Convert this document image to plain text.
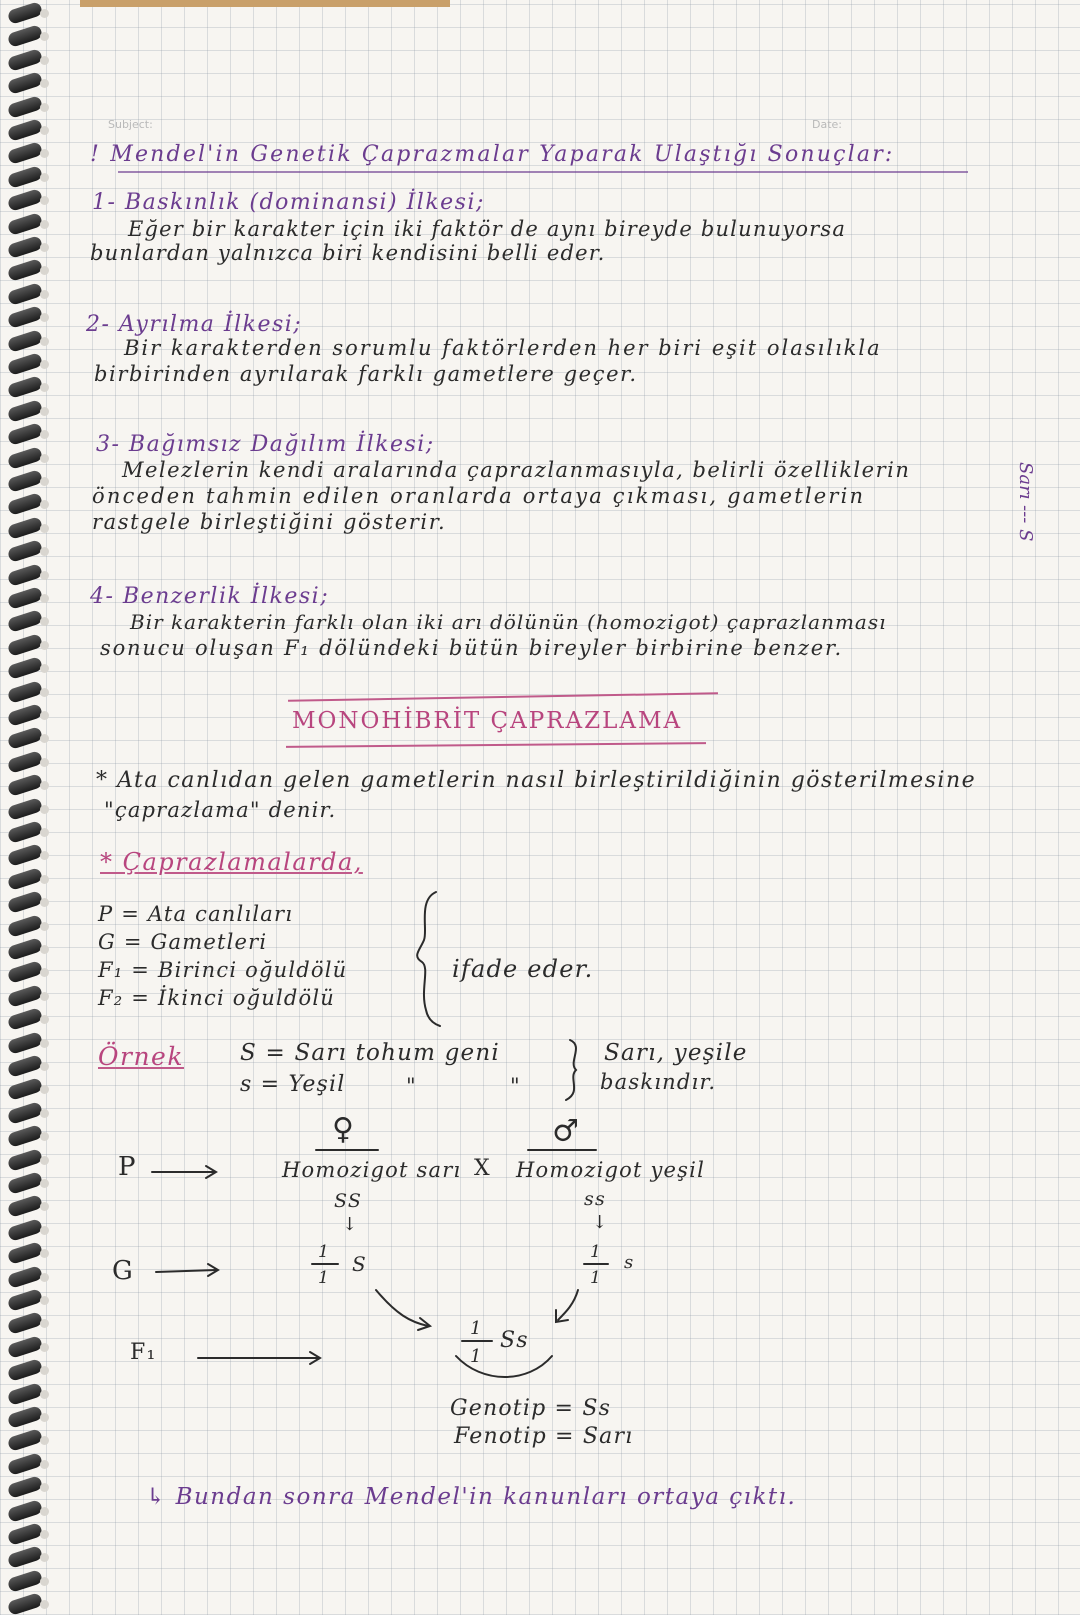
Subject:	Date:
! Mendel'in Genetik Çaprazmalar Yaparak Ulaştığı Sonuçlar:
1- Baskınlık (dominansi) İlkesi;
Eğer bir karakter için iki faktör de aynı bireyde bulunuyorsa
bunlardan yalnızca biri kendisini belli eder.
2- Ayrılma İlkesi;
Bir karakterden sorumlu faktörlerden her biri eşit olasılıkla
birbirinden ayrılarak farklı gametlere geçer.
3- Bağımsız Dağılım İlkesi;
Melezlerin kendi aralarında çaprazlanmasıyla, belirli özelliklerin
önceden tahmin edilen oranlarda ortaya çıkması, gametlerin
rastgele birleştiğini gösterir.	Sarı --- S
4- Benzerlik İlkesi;
Bir karakterin farklı olan iki arı dölünün (homozigot) çaprazlanması
sonucu oluşan F₁ dölündeki bütün bireyler birbirine benzer.
MONOHİBRİT ÇAPRAZLAMA
* Ata canlıdan gelen gametlerin nasıl birleştirildiğinin gösterilmesine
"çaprazlama" denir.
* Çaprazlamalarda,
P = Ata canlıları
G = Gametleri
F₁ = Birinci oğuldölü
F₂ = İkinci oğuldölü
ifade eder.
Örnek S = Sarı tohum geni
s = Yeşil	"	"
Sarı, yeşile
baskındır.
♀	♂
P	Homozigot sarı X Homozigot yeşil
SS	ss
↓	↓
G
1
1
S	1
1
s
F₁
1
1
Ss
Genotip = Ss
Fenotip = Sarı
↳ Bundan sonra Mendel'in kanunları ortaya çıktı.
